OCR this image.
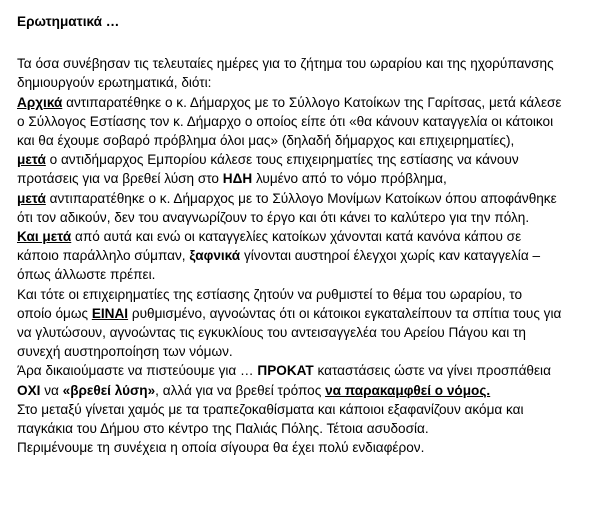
Ερωτηματικά …
Τα όσα συνέβησαν τις τελευταίες ημέρες για το ζήτημα του ωραρίου και της ηχορύπανσης
δημιουργούν ερωτηματικά, διότι:
Αρχικά αντιπαρατέθηκε ο κ. Δήμαρχος με το Σύλλογο Κατοίκων της Γαρίτσας, μετά κάλεσε
ο Σύλλογος Εστίασης τον κ. Δήμαρχο ο οποίος είπε ότι «θα κάνουν καταγγελία οι κάτοικοι
και θα έχουμε σοβαρό πρόβλημα όλοι μας» (δηλαδή δήμαρχος και επιχειρηματίες),
μετά ο αντιδήμαρχος Εμπορίου κάλεσε τους επιχειρηματίες της εστίασης να κάνουν
προτάσεις για να βρεθεί λύση στο ΗΔΗ λυμένο από το νόμο πρόβλημα,
μετά αντιπαρατέθηκε ο κ. Δήμαρχος με το Σύλλογο Μονίμων Κατοίκων όπου αποφάνθηκε
ότι τον αδικούν, δεν του αναγνωρίζουν το έργο και ότι κάνει το καλύτερο για την πόλη.
Και μετά από αυτά και ενώ οι καταγγελίες κατοίκων χάνονται κατά κανόνα κάπου σε
κάποιο παράλληλο σύμπαν, ξαφνικά γίνονται αυστηροί έλεγχοι χωρίς καν καταγγελία –
όπως άλλωστε πρέπει.
Και τότε οι επιχειρηματίες της εστίασης ζητούν να ρυθμιστεί το θέμα του ωραρίου, το
οποίο όμως ΕΙΝΑΙ ρυθμισμένο, αγνοώντας ότι οι κάτοικοι εγκαταλείπουν τα σπίτια τους για
να γλυτώσουν, αγνοώντας τις εγκυκλίους του αντεισαγγελέα του Αρείου Πάγου και τη
συνεχή αυστηροποίηση των νόμων.
Άρα δικαιούμαστε να πιστεύουμε για … ΠΡΟΚΑΤ καταστάσεις ώστε να γίνει προσπάθεια
ΟΧΙ να «βρεθεί λύση», αλλά για να βρεθεί τρόπος να παρακαμφθεί ο νόμος.
Στο μεταξύ γίνεται χαμός με τα τραπεζοκαθίσματα και κάποιοι εξαφανίζουν ακόμα και
παγκάκια του Δήμου στο κέντρο της Παλιάς Πόλης. Τέτοια ασυδοσία.
Περιμένουμε τη συνέχεια η οποία σίγουρα θα έχει πολύ ενδιαφέρον.
